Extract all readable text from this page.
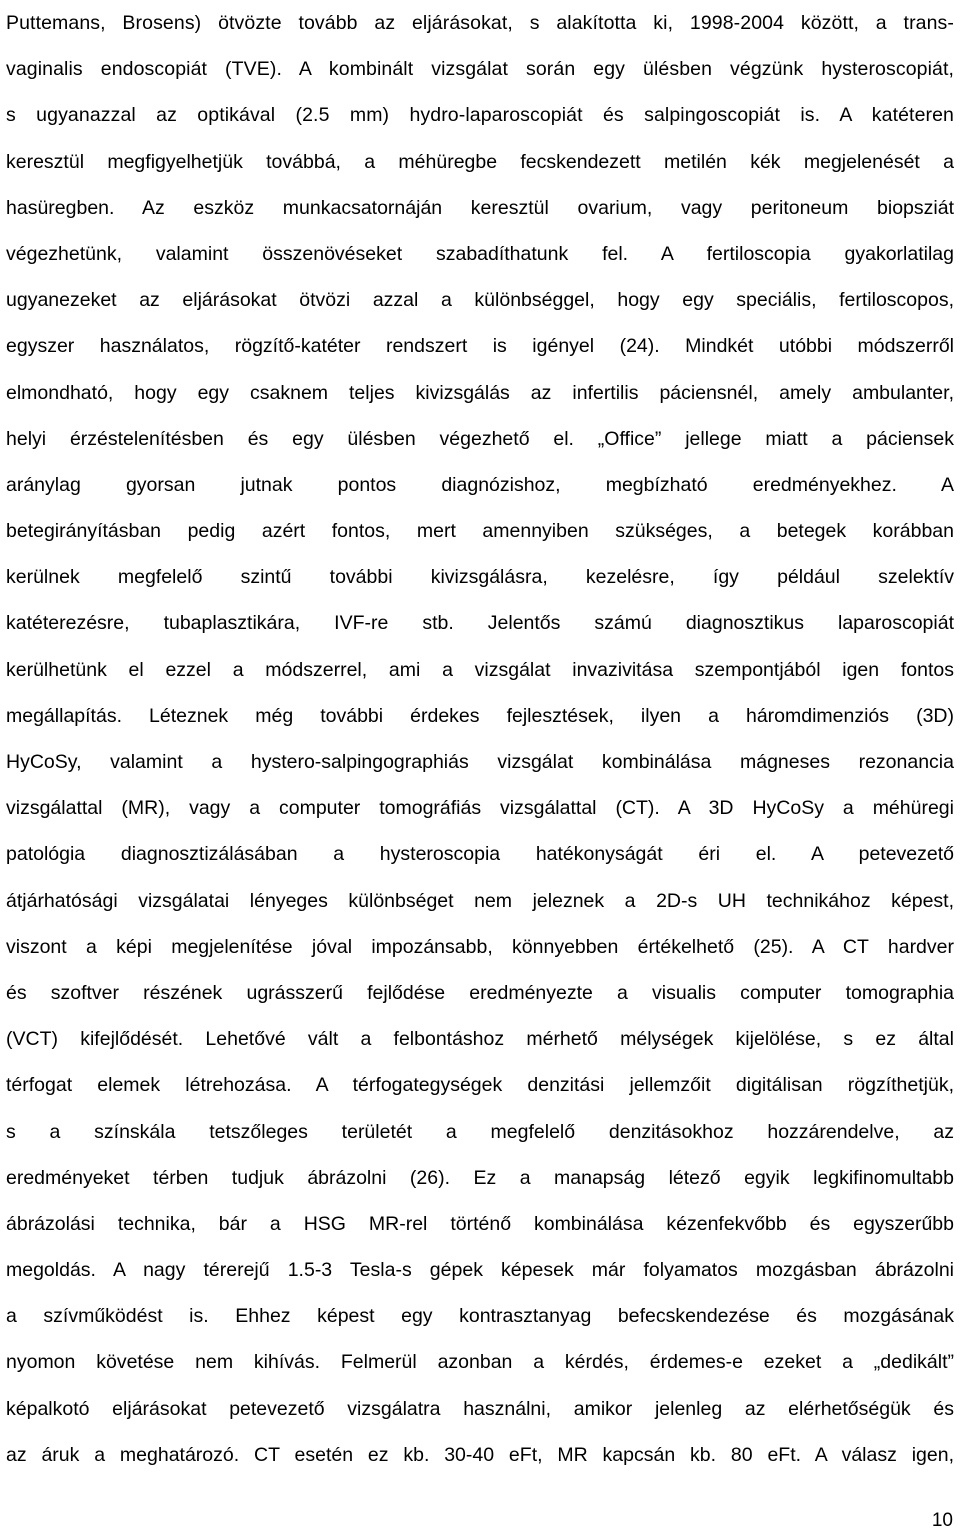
Puttemans, Brosens) ötvözte tovább az eljárásokat, s alakította ki, 1998-2004 között, a trans-
vaginalis endoscopiát (TVE). A kombinált vizsgálat során egy ülésben végzünk hysteroscopiát,
s ugyanazzal az optikával (2.5 mm) hydro-laparoscopiát és salpingoscopiát is. A katéteren
keresztül megfigyelhetjük továbbá, a méhüregbe fecskendezett metilén kék megjelenését a
hasüregben. Az eszköz munkacsatornáján keresztül ovarium, vagy peritoneum biopsziát
végezhetünk, valamint összenövéseket szabadíthatunk fel. A fertiloscopia gyakorlatilag
ugyanezeket az eljárásokat ötvözi azzal a különbséggel, hogy egy speciális, fertiloscopos,
egyszer használatos, rögzítő-katéter rendszert is igényel (24). Mindkét utóbbi módszerről
elmondható, hogy egy csaknem teljes kivizsgálás az infertilis páciensnél, amely ambulanter,
helyi érzéstelenítésben és egy ülésben végezhető el. „Office” jellege miatt a páciensek
aránylag gyorsan jutnak pontos diagnózishoz, megbízható eredményekhez. A
betegirányításban pedig azért fontos, mert amennyiben szükséges, a betegek korábban
kerülnek megfelelő szintű további kivizsgálásra, kezelésre, így például szelektív
katéterezésre, tubaplasztikára, IVF-re stb. Jelentős számú diagnosztikus laparoscopiát
kerülhetünk el ezzel a módszerrel, ami a vizsgálat invazivitása szempontjából igen fontos
megállapítás. Léteznek még további érdekes fejlesztések, ilyen a háromdimenziós (3D)
HyCoSy, valamint a hystero-salpingographiás vizsgálat kombinálása mágneses rezonancia
vizsgálattal (MR), vagy a computer tomográfiás vizsgálattal (CT). A 3D HyCoSy a méhüregi
patológia diagnosztizálásában a hysteroscopia hatékonyságát éri el. A petevezető
átjárhatósági vizsgálatai lényeges különbséget nem jeleznek a 2D-s UH technikához képest,
viszont a képi megjelenítése jóval impozánsabb, könnyebben értékelhető (25). A CT hardver
és szoftver részének ugrásszerű fejlődése eredményezte a visualis computer tomographia
(VCT) kifejlődését. Lehetővé vált a felbontáshoz mérhető mélységek kijelölése, s ez által
térfogat elemek létrehozása. A térfogategységek denzitási jellemzőit digitálisan rögzíthetjük,
s a színskála tetszőleges területét a megfelelő denzitásokhoz hozzárendelve, az
eredményeket térben tudjuk ábrázolni (26). Ez a manapság létező egyik legkifinomultabb
ábrázolási technika, bár a HSG MR-rel történő kombinálása kézenfekvőbb és egyszerűbb
megoldás. A nagy térerejű 1.5-3 Tesla-s gépek képesek már folyamatos mozgásban ábrázolni
a szívműködést is. Ehhez képest egy kontrasztanyag befecskendezése és mozgásának
nyomon követése nem kihívás. Felmerül azonban a kérdés, érdemes-e ezeket a „dedikált”
képalkotó eljárásokat petevezető vizsgálatra használni, amikor jelenleg az elérhetőségük és
az áruk a meghatározó. CT esetén ez kb. 30-40 eFt, MR kapcsán kb. 80 eFt. A válasz igen,
10
